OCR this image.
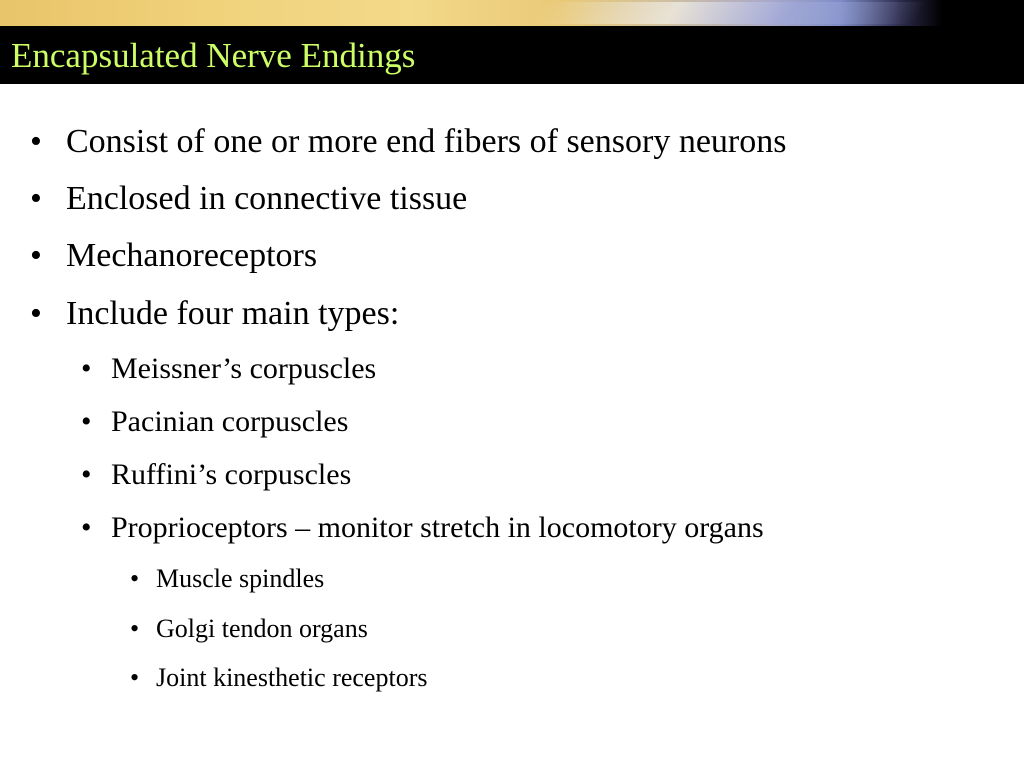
Encapsulated Nerve Endings
• Consist of one or more end fibers of sensory neurons
• Enclosed in connective tissue
• Mechanoreceptors
• Include four main types:
• Meissner’s corpuscles
• Pacinian corpuscles
• Ruffini’s corpuscles
• Proprioceptors – monitor stretch in locomotory organs
• Muscle spindles
• Golgi tendon organs
• Joint kinesthetic receptors
